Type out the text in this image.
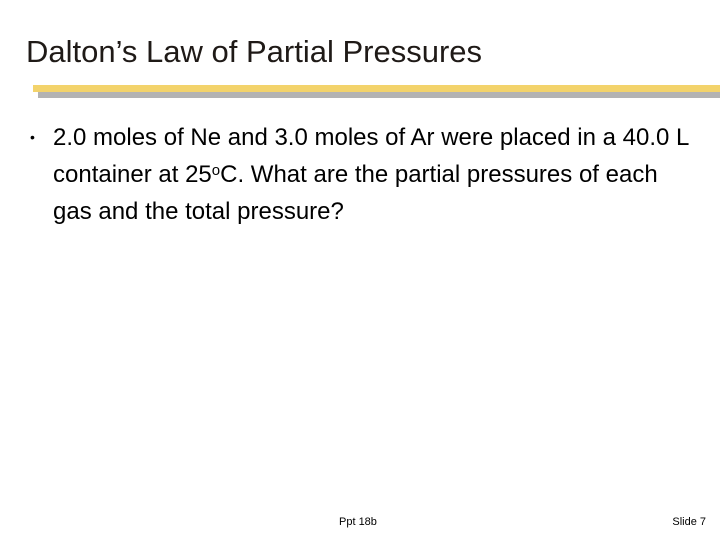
Dalton’s Law of Partial Pressures
• 2.0 moles of Ne and 3.0 moles of Ar were placed in a 40.0 L container at 25$^o$C. What are the partial pressures of each gas and the total pressure?
Ppt 18b	Slide 7
